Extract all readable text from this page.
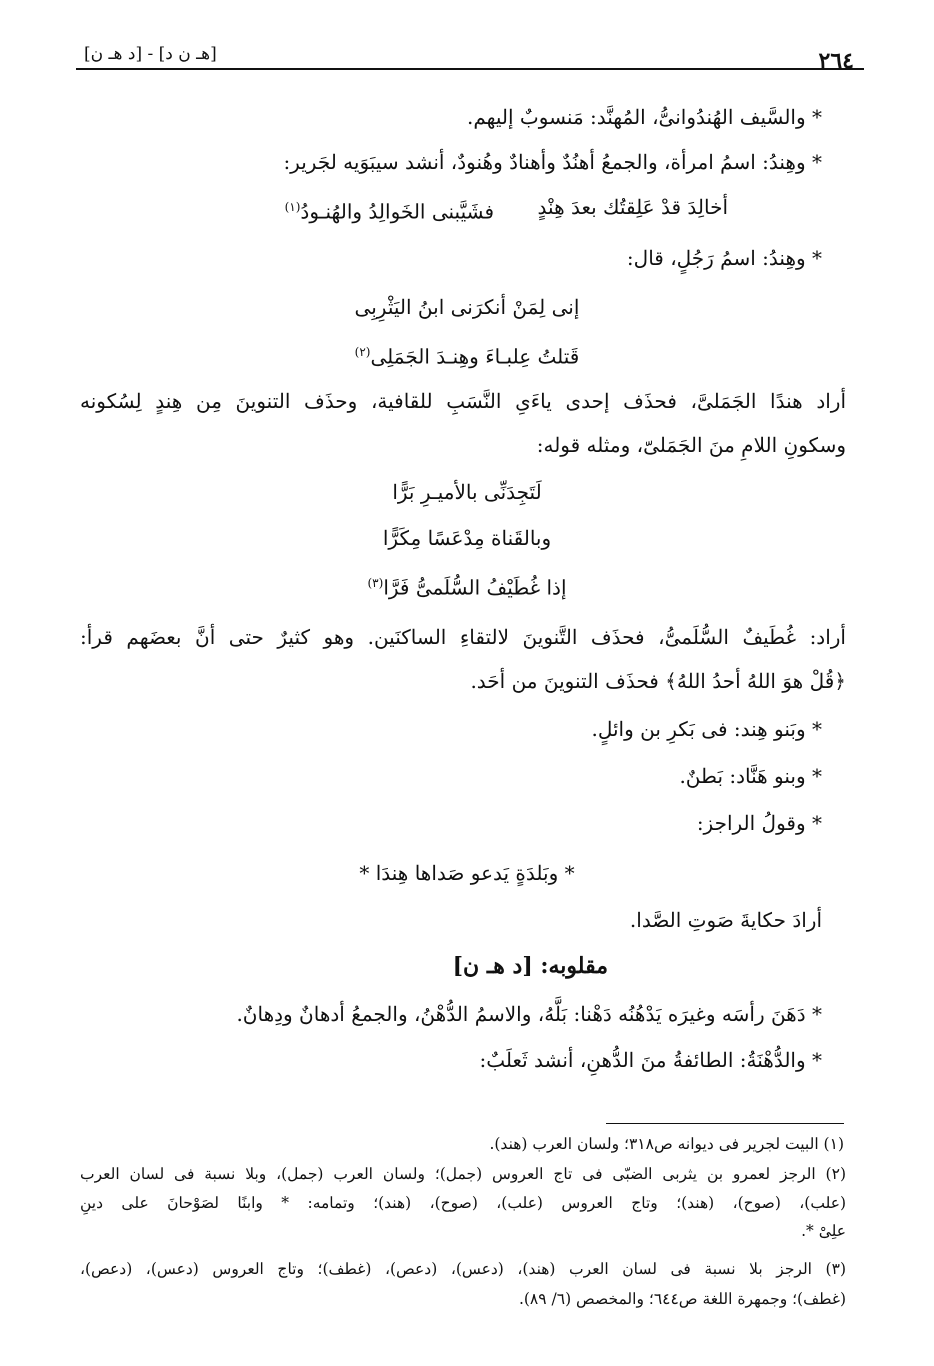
٢٦٤
[هـ ن د] - [د هـ ن]
* والسَّيف الهُندُوانىُّ، المُهنَّد: مَنسوبٌ إليهم.
* وهِندُ: اسمُ امرأة، والجمعُ أهنُدٌ وأهنادٌ وهُنودٌ، أنشد سيبَوَيه لجَرير:
أخالِدَ قدْ عَلِقتُك بعدَ هِنْدٍ
فشَيَّبنى الخَوالِدُ والهُنـودُ$^{(١)}$
* وهِندُ: اسمُ رَجُلٍ، قال:
إنى لِمَنْ أنكرَنى ابنُ اليَثْرِبِى
قَتلتُ عِلبـاءَ وهِنـدَ الجَمَلِى$^{(٢)}$
أراد هندًا الجَمَلىَّ، فحذَف إحدى ياءَىِ النَّسَبِ للقافية، وحذَف التنوينَ مِن هِندٍ لِسُكونه
وسكونِ اللامِ منَ الجَمَلىّ، ومثله قوله:
لَتَجِدَنِّى بالأميـرِ بَرًّا
وبالقَناة مِدْعَسًا مِكَرًّا
إذا غُطَيْفُ السُّلَمىُّ فَرَّا$^{(٣)}$
أراد: غُطَيفٌ السُّلَمىُّ، فحذَف التَّنوينَ لالتقاءِ الساكنَين. وهو كثيرٌ حتى أنَّ بعضَهم قرأ:
﴿قُلْ هوَ اللهُ أحدُ اللهُ﴾ فحذَف التنوينَ من أحَد.
* وبَنو هِند: فى بَكرِ بن وائلٍ.
* وبنو هَنَّاد: بَطنٌ.
* وقولُ الراجز:
* وبَلدَةٍ يَدعو صَداها هِندَا *
أرادَ حكايةَ صَوتِ الصَّدا.
مقلوبه: [د هـ ن]
* دَهَنَ رأسَه وغيرَه يَدْهُنُه دَهْنا: بَلَّهُ، والاسمُ الدُّهْنُ، والجمعُ أدهانٌ ودِهانٌ.
* والدُّهْنَةُ: الطائفةُ منَ الدُّهنِ، أنشد ثَعلَبٌ:
(١) البيت لجرير فى ديوانه ص٣١٨؛ ولسان العرب (هند).
(٢) الرجز لعمرو بن يثربى الضبّى فى تاج العروس (جمل)؛ ولسان العرب (جمل)، وبلا نسبة فى لسان العرب
(علب)، (صوح)، (هند)؛ وتاج العروس (علب)، (صوح)، (هند)؛ وتمامه: * وابنًا لصَوْحانَ على دينِ
علِىْ *.
(٣) الرجز بلا نسبة فى لسان العرب (هند)، (دعس)، (دعص)، (غطف)؛ وتاج العروس (دعس)، (دعص)،
(غطف)؛ وجمهرة اللغة ص٦٤٤؛ والمخصص (٦/ ٨٩).
